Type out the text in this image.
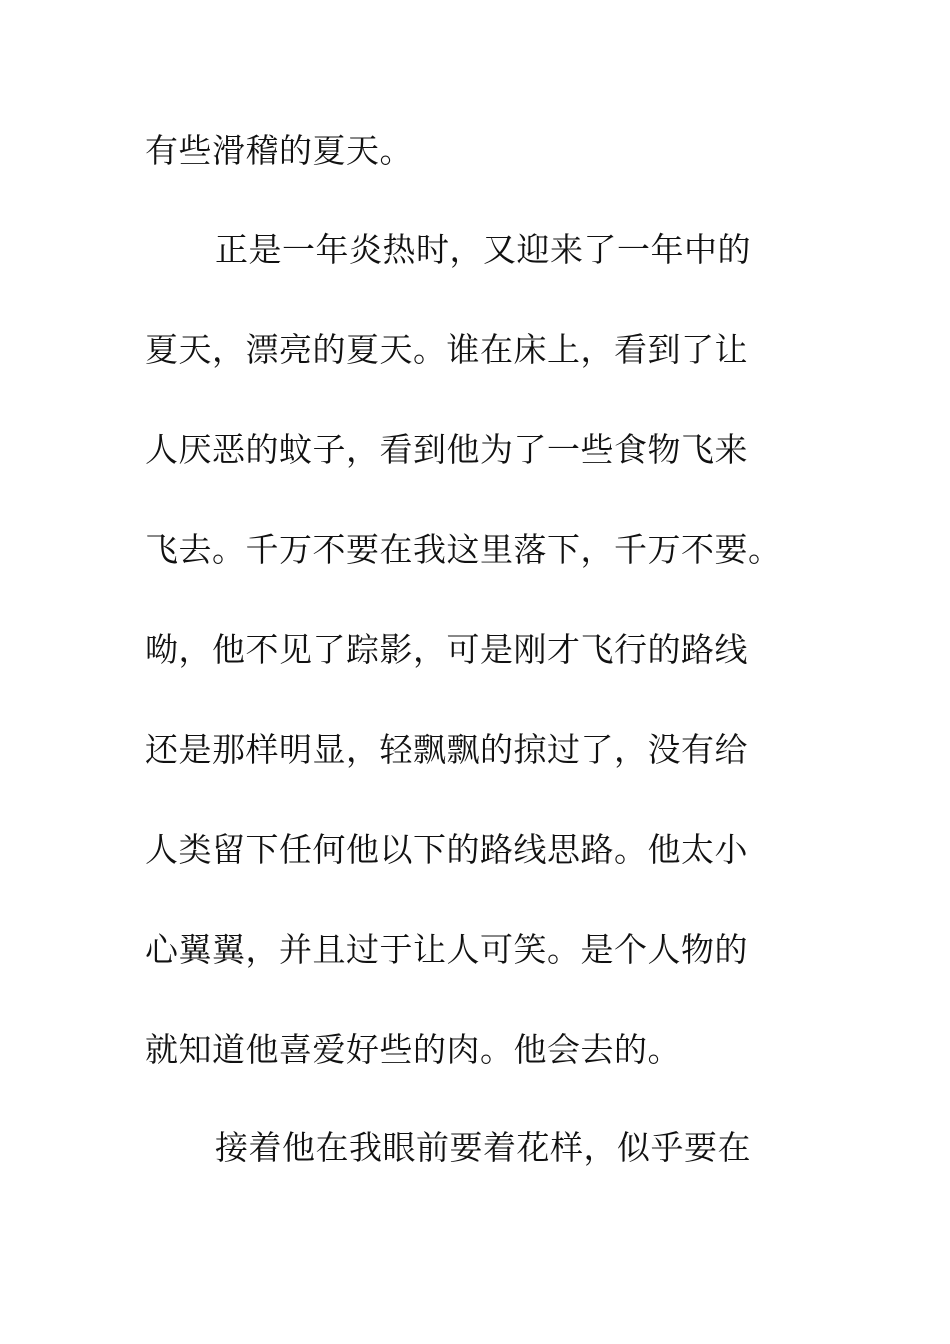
有些滑稽的夏天。

正是一年炎热时，又迎来了一年中的

夏天，漂亮的夏天。谁在床上，看到了让

人厌恶的蚊子，看到他为了一些食物飞来

飞去。千万不要在我这里落下，千万不要。

呦，他不见了踪影，可是刚才飞行的路线

还是那样明显，轻飘飘的掠过了，没有给

人类留下任何他以下的路线思路。他太小

心翼翼，并且过于让人可笑。是个人物的

就知道他喜爱好些的肉。他会去的。

接着他在我眼前要着花样，似乎要在
